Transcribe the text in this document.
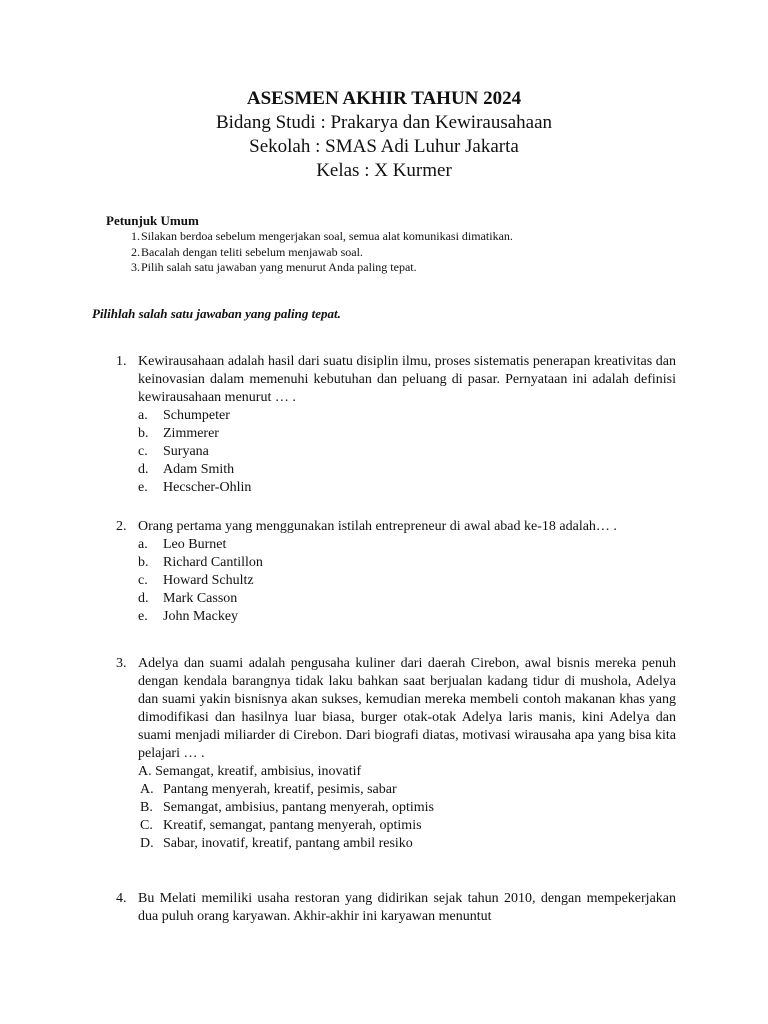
ASESMEN AKHIR TAHUN 2024
Bidang Studi : Prakarya dan Kewirausahaan
Sekolah : SMAS Adi Luhur Jakarta
Kelas : X Kurmer
Petunjuk Umum
1. Silakan berdoa sebelum mengerjakan soal, semua alat komunikasi dimatikan.
2. Bacalah dengan teliti sebelum menjawab soal.
3. Pilih salah satu jawaban yang menurut Anda paling tepat.
Pilihlah salah satu jawaban yang paling tepat.
1. Kewirausahaan adalah hasil dari suatu disiplin ilmu, proses sistematis penerapan kreativitas dan keinovasian dalam memenuhi kebutuhan dan peluang di pasar. Pernyataan ini adalah definisi kewirausahaan menurut … .
a. Schumpeter
b. Zimmerer
c. Suryana
d. Adam Smith
e. Hecscher-Ohlin
2. Orang pertama yang menggunakan istilah entrepreneur di awal abad ke-18 adalah… .
a. Leo Burnet
b. Richard Cantillon
c. Howard Schultz
d. Mark Casson
e. John Mackey
3. Adelya dan suami adalah pengusaha kuliner dari daerah Cirebon, awal bisnis mereka penuh dengan kendala barangnya tidak laku bahkan saat berjualan kadang tidur di mushola, Adelya dan suami yakin bisnisnya akan sukses, kemudian mereka membeli contoh makanan khas yang dimodifikasi dan hasilnya luar biasa, burger otak-otak Adelya laris manis, kini Adelya dan suami menjadi miliarder di Cirebon. Dari biografi diatas, motivasi wirausaha apa yang bisa kita pelajari … .
A. Semangat, kreatif, ambisius, inovatif
A. Pantang menyerah, kreatif, pesimis, sabar
B. Semangat, ambisius, pantang menyerah, optimis
C. Kreatif, semangat, pantang menyerah, optimis
D. Sabar, inovatif, kreatif, pantang ambil resiko
4. Bu Melati memiliki usaha restoran yang didirikan sejak tahun 2010, dengan mempekerjakan dua puluh orang karyawan. Akhir-akhir ini karyawan menuntut
